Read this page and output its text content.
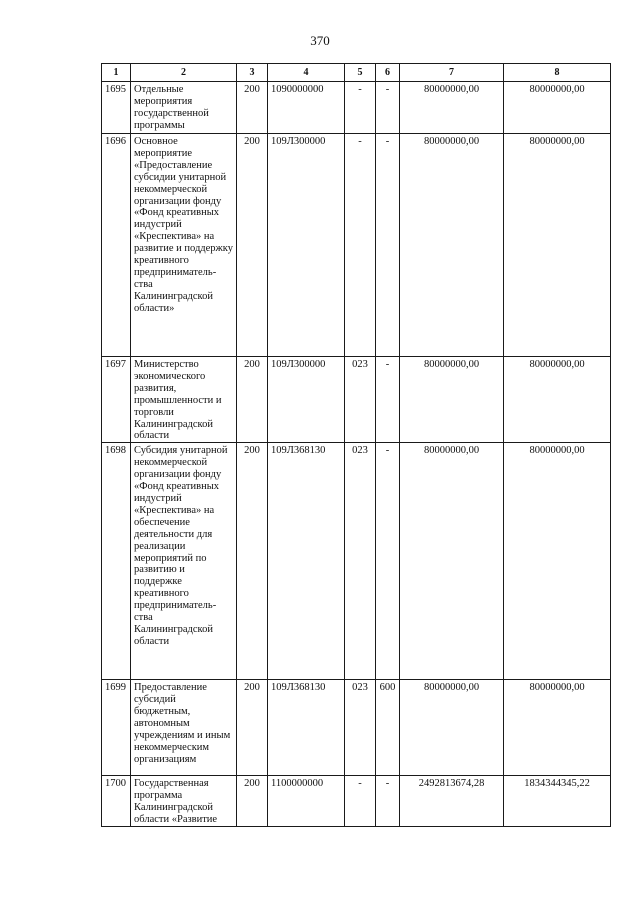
370
1	2	3	4	5	6	7	8
1695	Отдельные мероприятия государственной программы	200	1090000000	-	-	80000000,00	80000000,00
1696	Основное мероприятие «Предоставление субсидии унитарной некоммерческой организации фонду «Фонд креативных индустрий «Креспектива» на развитие и поддержку креативного предприниматель-ства Калининградской области»	200	109Л300000	-	-	80000000,00	80000000,00
1697	Министерство экономического развития, промышленности и торговли Калининградской области	200	109Л300000	023	-	80000000,00	80000000,00
1698	Субсидия унитарной некоммерческой организации фонду «Фонд креативных индустрий «Креспектива» на обеспечение деятельности для реализации мероприятий по развитию и поддержке креативного предприниматель-ства Калининградской области	200	109Л368130	023	-	80000000,00	80000000,00
1699	Предоставление субсидий бюджетным, автономным учреждениям и иным некоммерческим организациям	200	109Л368130	023	600	80000000,00	80000000,00
1700	Государственная программа Калининградской области «Развитие	200	1100000000	-	-	2492813674,28	1834344345,22
